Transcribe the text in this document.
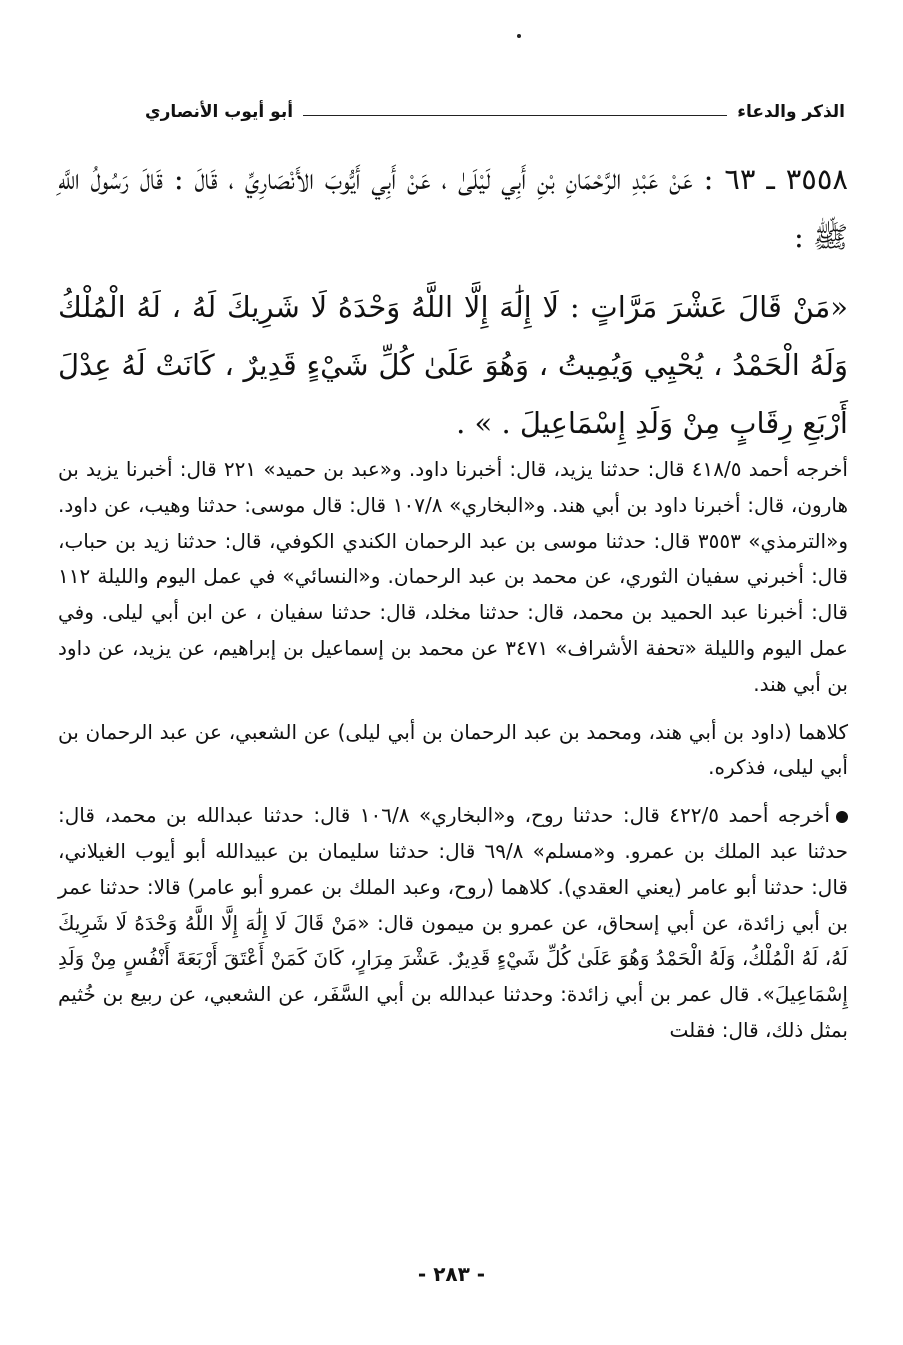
الذكر والدعاء
أبو أيوب الأنصاري

٣٥٥٨ ـ ٦٣ : عَنْ عَبْدِ الرَّحْمَانِ بْنِ أَبِي لَيْلَىٰ ، عَنْ أَبِي أَيُّوبَ الأَنْصَارِيِّ ، قَالَ : قَالَ رَسُولُ اللَّهِ ﷺ :

«مَنْ قَالَ عَشْرَ مَرَّاتٍ : لَا إِلَٰهَ إِلَّا اللَّهُ وَحْدَهُ لَا شَرِيكَ لَهُ ، لَهُ الْمُلْكُ وَلَهُ الْحَمْدُ ، يُحْيِي وَيُمِيتُ ، وَهُوَ عَلَىٰ كُلِّ شَيْءٍ قَدِيرٌ ، كَانَتْ لَهُ عِدْلَ أَرْبَعِ رِقَابٍ مِنْ وَلَدِ إِسْمَاعِيلَ . » .

أخرجه أحمد ٤١٨/٥ قال: حدثنا يزيد، قال: أخبرنا داود. و«عبد بن حميد» ٢٢١ قال: أخبرنا يزيد بن هارون، قال: أخبرنا داود بن أبي هند. و«البخاري» ١٠٧/٨ قال: قال موسى: حدثنا وهيب، عن داود. و«الترمذي» ٣٥٥٣ قال: حدثنا موسى بن عبد الرحمان الكندي الكوفي، قال: حدثنا زيد بن حباب، قال: أخبرني سفيان الثوري، عن محمد بن عبد الرحمان. و«النسائي» في عمل اليوم والليلة ١١٢ قال: أخبرنا عبد الحميد بن محمد، قال: حدثنا مخلد، قال: حدثنا سفيان ، عن ابن أبي ليلى. وفي عمل اليوم والليلة «تحفة الأشراف» ٣٤٧١ عن محمد بن إسماعيل بن إبراهيم، عن يزيد، عن داود بن أبي هند.

كلاهما (داود بن أبي هند، ومحمد بن عبد الرحمان بن أبي ليلى) عن الشعبي، عن عبد الرحمان بن أبي ليلى، فذكره.

أخرجه أحمد ٤٢٢/٥ قال: حدثنا روح، و«البخاري» ١٠٦/٨ قال: حدثنا عبدالله بن محمد، قال: حدثنا عبد الملك بن عمرو. و«مسلم» ٦٩/٨ قال: حدثنا سليمان بن عبيدالله أبو أيوب الغيلاني، قال: حدثنا أبو عامر (يعني العقدي). كلاهما (روح، وعبد الملك بن عمرو أبو عامر) قالا: حدثنا عمر بن أبي زائدة، عن أبي إسحاق، عن عمرو بن ميمون قال: «مَنْ قَالَ لَا إِلَٰهَ إِلَّا اللَّهُ وَحْدَهُ لَا شَرِيكَ لَهُ، لَهُ الْمُلْكُ، وَلَهُ الْحَمْدُ وَهُوَ عَلَىٰ كُلِّ شَيْءٍ قَدِيرٌ. عَشْرَ مِرَارٍ، كَانَ كَمَنْ أَعْتَقَ أَرْبَعَةَ أَنْفُسٍ مِنْ وَلَدِ إِسْمَاعِيلَ». قال عمر بن أبي زائدة: وحدثنا عبدالله بن أبي السَّفَر، عن الشعبي، عن ربيع بن خُثيم بمثل ذلك، قال: فقلت

- ٢٨٣ -
